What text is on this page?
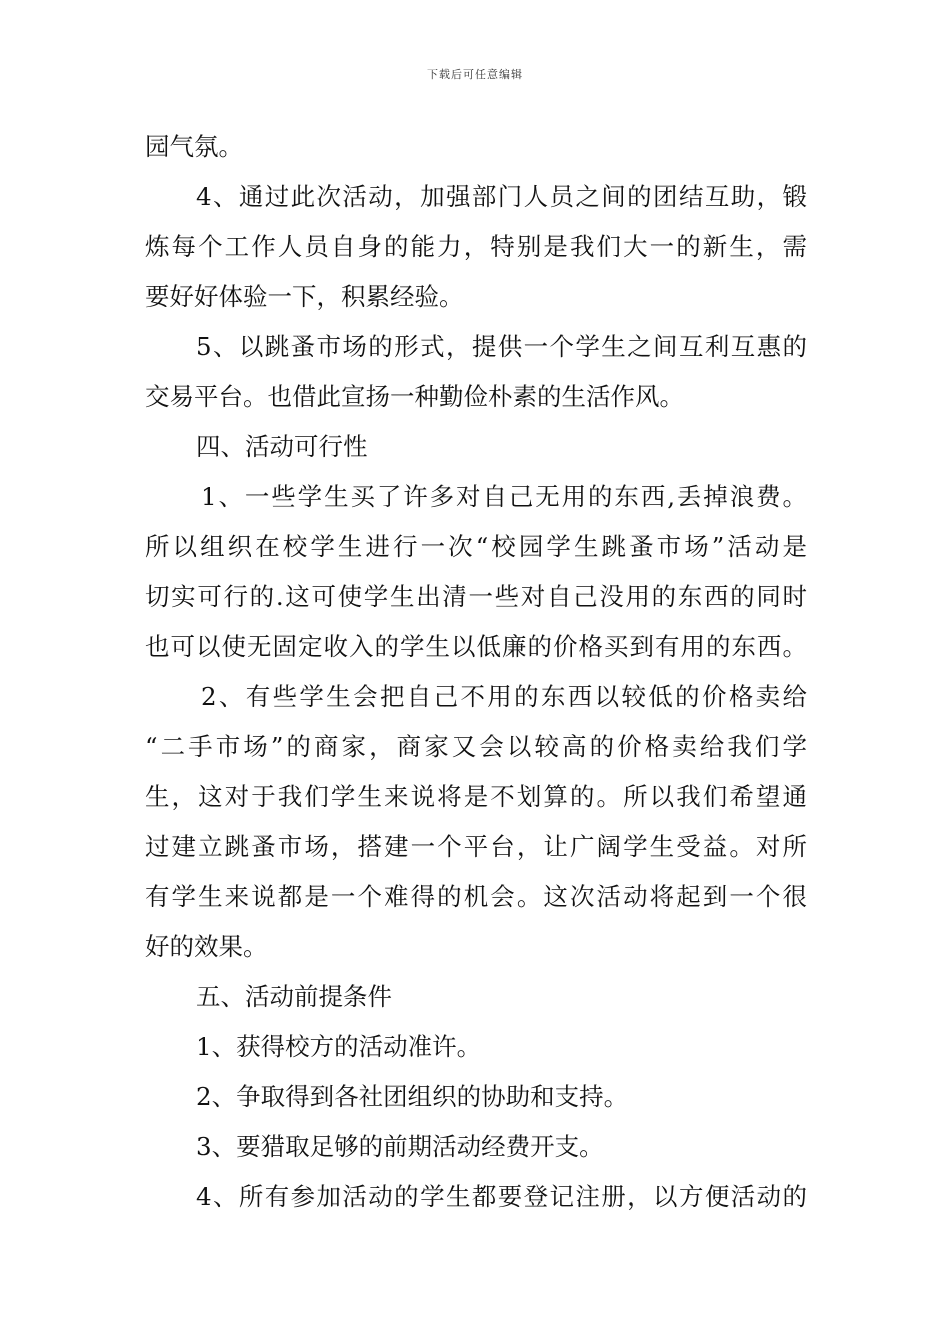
下载后可任意编辑
园气氛。
4、通过此次活动，加强部门人员之间的团结互助，锻
炼每个工作人员自身的能力，特别是我们大一的新生，需
要好好体验一下，积累经验。
5、以跳蚤市场的形式，提供一个学生之间互利互惠的
交易平台。也借此宣扬一种勤俭朴素的生活作风。
四、活动可行性
1、一些学生买了许多对自己无用的东西,丢掉浪费。
所以组织在校学生进行一次“校园学生跳蚤市场”活动是
切实可行的.这可使学生出清一些对自己没用的东西的同时
也可以使无固定收入的学生以低廉的价格买到有用的东西。
2、有些学生会把自己不用的东西以较低的价格卖给
“二手市场”的商家，商家又会以较高的价格卖给我们学
生，这对于我们学生来说将是不划算的。所以我们希望通
过建立跳蚤市场，搭建一个平台，让广阔学生受益。对所
有学生来说都是一个难得的机会。这次活动将起到一个很
好的效果。
五、活动前提条件
1、获得校方的活动准许。
2、争取得到各社团组织的协助和支持。
3、要猎取足够的前期活动经费开支。
4、所有参加活动的学生都要登记注册，以方便活动的
